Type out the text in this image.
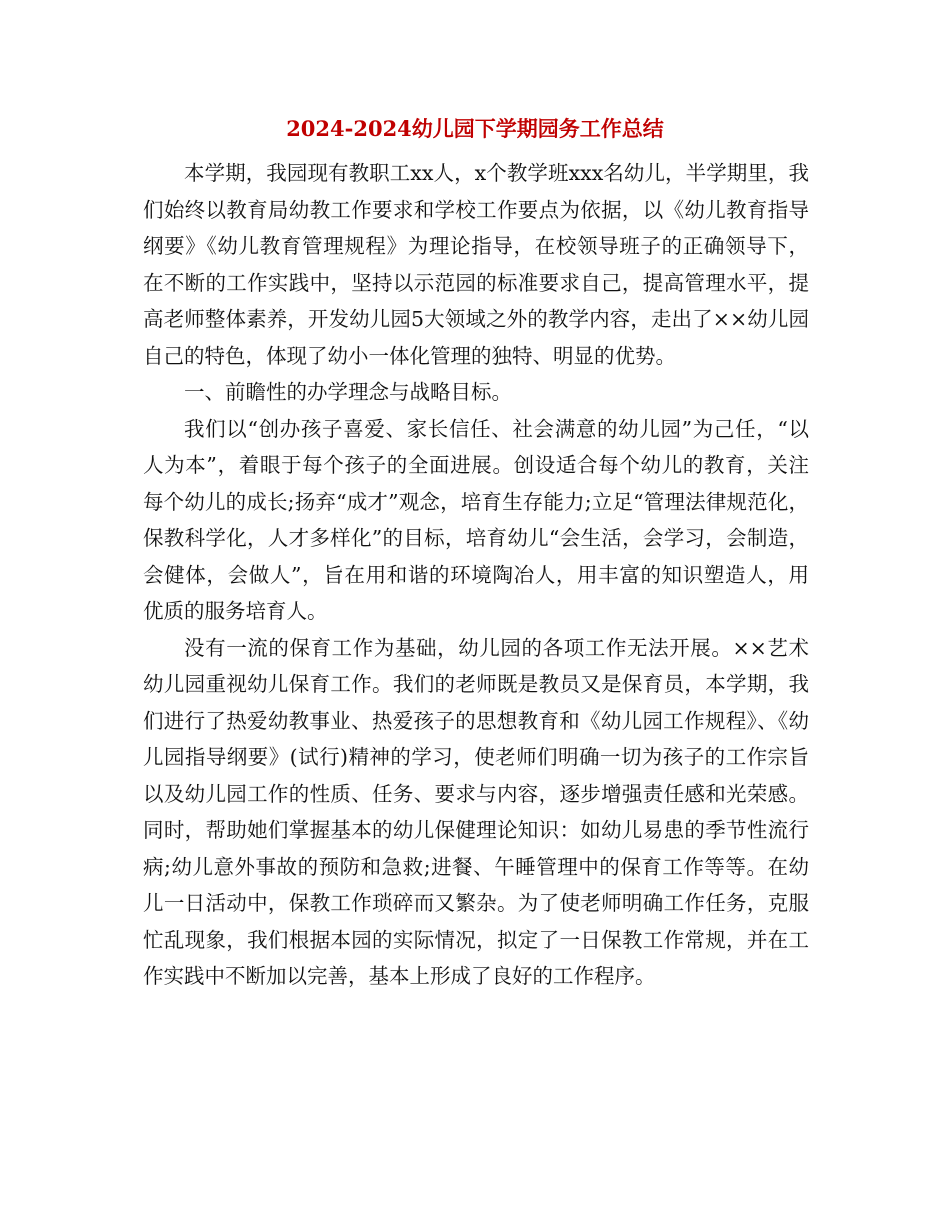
2024-2024幼儿园下学期园务工作总结

本学期，我园现有教职工xx人，x个教学班xxx名幼儿，半学期里，我们始终以教育局幼教工作要求和学校工作要点为依据，以《幼儿教育指导纲要》《幼儿教育管理规程》为理论指导，在校领导班子的正确领导下，在不断的工作实践中，坚持以示范园的标准要求自己，提高管理水平，提高老师整体素养，开发幼儿园5大领域之外的教学内容，走出了××幼儿园自己的特色，体现了幼小一体化管理的独特、明显的优势。

一、前瞻性的办学理念与战略目标。

我们以“创办孩子喜爱、家长信任、社会满意的幼儿园”为己任，“以人为本”，着眼于每个孩子的全面进展。创设适合每个幼儿的教育，关注每个幼儿的成长;扬弃“成才”观念，培育生存能力;立足“管理法律规范化，保教科学化，人才多样化”的目标，培育幼儿“会生活，会学习，会制造，会健体，会做人”，旨在用和谐的环境陶冶人，用丰富的知识塑造人，用优质的服务培育人。

没有一流的保育工作为基础，幼儿园的各项工作无法开展。××艺术幼儿园重视幼儿保育工作。我们的老师既是教员又是保育员，本学期，我们进行了热爱幼教事业、热爱孩子的思想教育和《幼儿园工作规程》、《幼儿园指导纲要》(试行)精神的学习，使老师们明确一切为孩子的工作宗旨以及幼儿园工作的性质、任务、要求与内容，逐步增强责任感和光荣感。同时，帮助她们掌握基本的幼儿保健理论知识：如幼儿易患的季节性流行病;幼儿意外事故的预防和急救;进餐、午睡管理中的保育工作等等。在幼儿一日活动中，保教工作琐碎而又繁杂。为了使老师明确工作任务，克服忙乱现象，我们根据本园的实际情况，拟定了一日保教工作常规，并在工作实践中不断加以完善，基本上形成了良好的工作程序。
